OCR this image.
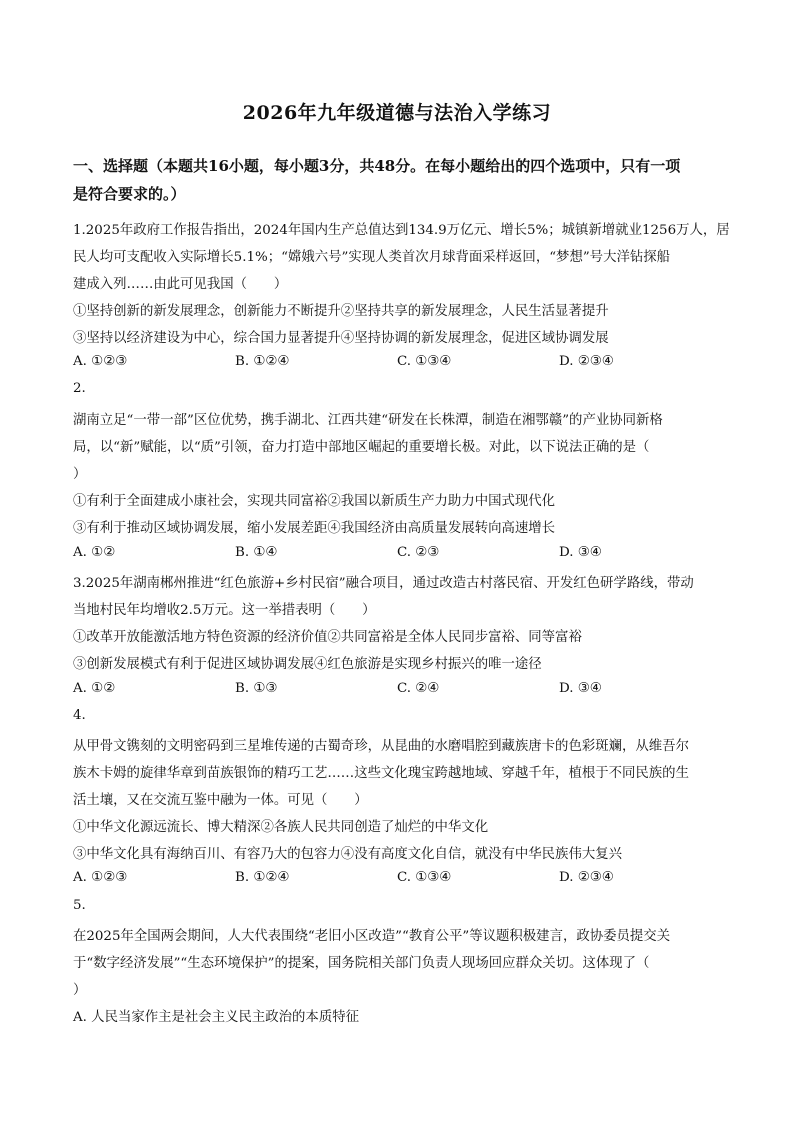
2026年九年级道德与法治入学练习
一、选择题（本题共16小题，每小题3分，共48分。在每小题给出的四个选项中，只有一项
是符合要求的。）
1.2025年政府工作报告指出，2024年国内生产总值达到134.9万亿元、增长5%；城镇新增就业1256万人，居
民人均可支配收入实际增长5.1%；“嫦娥六号”实现人类首次月球背面采样返回，“梦想”号大洋钻探船
建成入列……由此可见我国（　　）
①坚持创新的新发展理念，创新能力不断提升②坚持共享的新发展理念，人民生活显著提升
③坚持以经济建设为中心，综合国力显著提升④坚持协调的新发展理念，促进区域协调发展
A. ①②③	B. ①②④	C. ①③④	D. ②③④
2.
湖南立足“一带一部”区位优势，携手湖北、江西共建“研发在长株潭，制造在湘鄂赣”的产业协同新格
局，以“新”赋能，以“质”引领，奋力打造中部地区崛起的重要增长极。对此，以下说法正确的是（
）
①有利于全面建成小康社会，实现共同富裕②我国以新质生产力助力中国式现代化
③有利于推动区域协调发展，缩小发展差距④我国经济由高质量发展转向高速增长
A. ①②	B. ①④	C. ②③	D. ③④
3.2025年湖南郴州推进“红色旅游+乡村民宿”融合项目，通过改造古村落民宿、开发红色研学路线，带动
当地村民年均增收2.5万元。这一举措表明（　　）
①改革开放能激活地方特色资源的经济价值②共同富裕是全体人民同步富裕、同等富裕
③创新发展模式有利于促进区域协调发展④红色旅游是实现乡村振兴的唯一途径
A. ①②	B. ①③	C. ②④	D. ③④
4.
从甲骨文镌刻的文明密码到三星堆传递的古蜀奇珍，从昆曲的水磨唱腔到藏族唐卡的色彩斑斓，从维吾尔
族木卡姆的旋律华章到苗族银饰的精巧工艺……这些文化瑰宝跨越地域、穿越千年，植根于不同民族的生
活土壤，又在交流互鉴中融为一体。可见（　　）
①中华文化源远流长、博大精深②各族人民共同创造了灿烂的中华文化
③中华文化具有海纳百川、有容乃大的包容力④没有高度文化自信，就没有中华民族伟大复兴
A. ①②③	B. ①②④	C. ①③④	D. ②③④
5.
在2025年全国两会期间，人大代表围绕“老旧小区改造”“教育公平”等议题积极建言，政协委员提交关
于“数字经济发展”“生态环境保护”的提案，国务院相关部门负责人现场回应群众关切。这体现了（
）
A. 人民当家作主是社会主义民主政治的本质特征
